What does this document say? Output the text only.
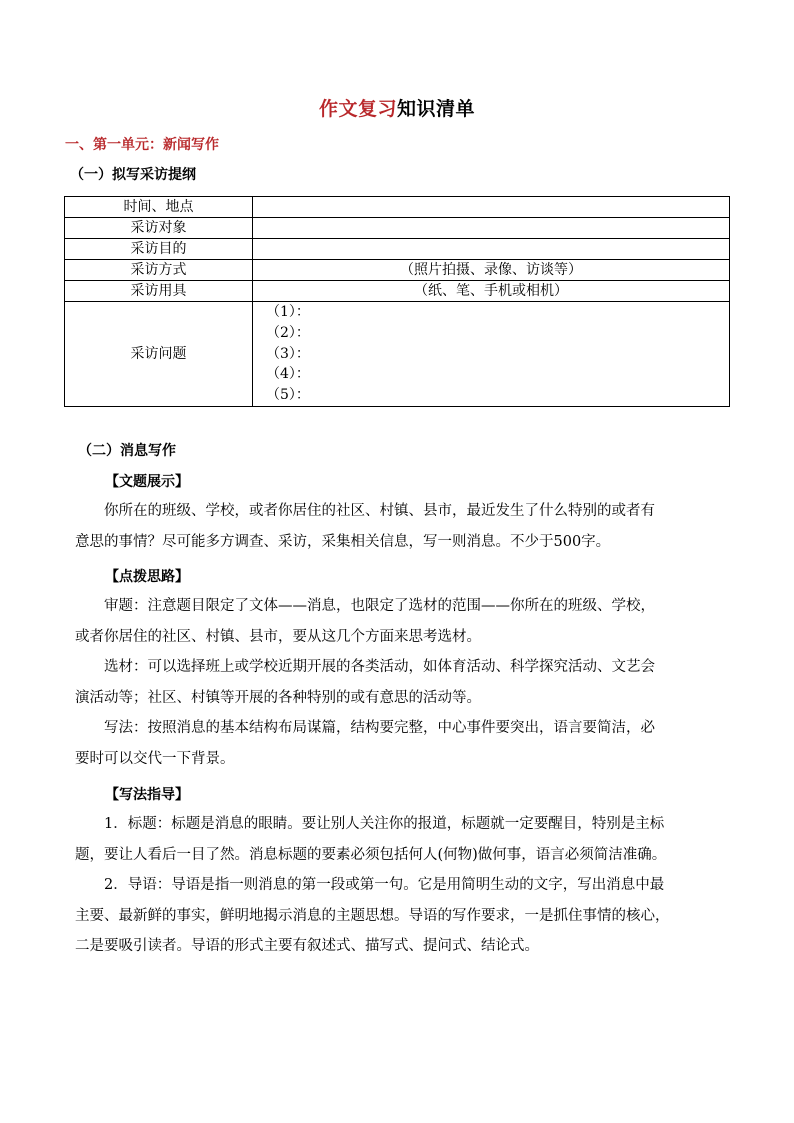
作文复习知识清单
一、第一单元：新闻写作
（一）拟写采访提纲
时间、地点	
采访对象	
采访目的	
采访方式	（照片拍摄、录像、访谈等）
采访用具	（纸、笔、手机或相机）
采访问题	（1）：
（2）：
（3）：
（4）：
（5）：
（二）消息写作
【文题展示】
你所在的班级、学校，或者你居住的社区、村镇、县市，最近发生了什么特别的或者有
意思的事情？尽可能多方调查、采访，采集相关信息，写一则消息。不少于500字。
【点拨思路】
审题：注意题目限定了文体——消息，也限定了选材的范围——你所在的班级、学校，
或者你居住的社区、村镇、县市，要从这几个方面来思考选材。
选材：可以选择班上或学校近期开展的各类活动，如体育活动、科学探究活动、文艺会
演活动等；社区、村镇等开展的各种特别的或有意思的活动等。
写法：按照消息的基本结构布局谋篇，结构要完整，中心事件要突出，语言要简洁，必
要时可以交代一下背景。
【写法指导】
1．标题：标题是消息的眼睛。要让别人关注你的报道，标题就一定要醒目，特别是主标
题，要让人看后一目了然。消息标题的要素必须包括何人(何物)做何事，语言必须简洁准确。
2．导语：导语是指一则消息的第一段或第一句。它是用简明生动的文字，写出消息中最
主要、最新鲜的事实，鲜明地揭示消息的主题思想。导语的写作要求，一是抓住事情的核心，
二是要吸引读者。导语的形式主要有叙述式、描写式、提问式、结论式。
